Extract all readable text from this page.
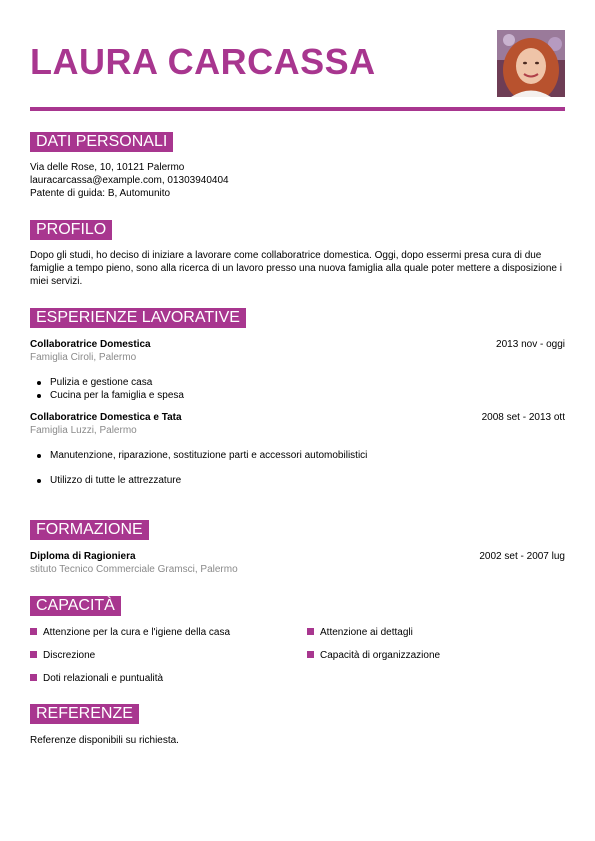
LAURA CARCASSA
DATI PERSONALI
Via delle Rose, 10, 10121 Palermo
lauracarcassa@example.com, 01303940404
Patente di guida: B, Automunito
PROFILO
Dopo gli studi, ho deciso di iniziare a lavorare come collaboratrice domestica. Oggi, dopo essermi presa cura di due famiglie a tempo pieno, sono alla ricerca di un lavoro presso una nuova famiglia alla quale poter mettere a disposizione i miei servizi.
ESPERIENZE LAVORATIVE
Collaboratrice Domestica	2013 nov - oggi
Famiglia Ciroli, Palermo
Pulizia e gestione casa
Cucina per la famiglia e spesa
Collaboratrice Domestica e Tata	2008 set - 2013 ott
Famiglia Luzzi, Palermo
Manutenzione, riparazione, sostituzione parti e accessori automobilistici
Utilizzo di tutte le attrezzature
FORMAZIONE
Diploma di Ragioniera	2002 set - 2007 lug
stituto Tecnico Commerciale Gramsci, Palermo
CAPACITÀ
Attenzione per la cura e l'igiene della casa	Attenzione ai dettagli
Discrezione	Capacità di organizzazione
Doti relazionali e puntualità
REFERENZE
Referenze disponibili su richiesta.
